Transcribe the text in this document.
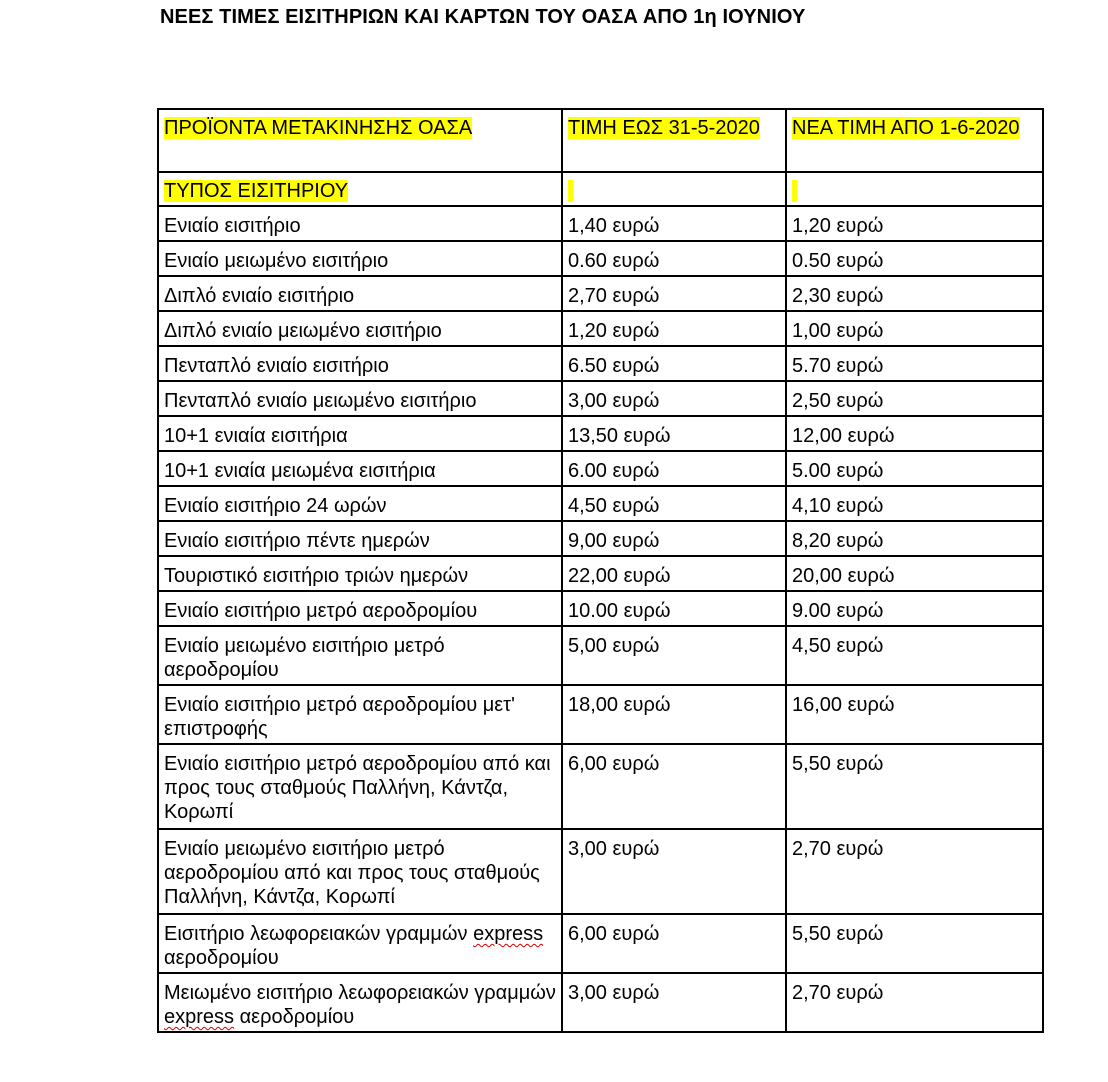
ΝΕΕΣ ΤΙΜΕΣ ΕΙΣΙΤΗΡΙΩΝ ΚΑΙ ΚΑΡΤΩΝ ΤΟΥ ΟΑΣΑ ΑΠΟ 1η ΙΟΥΝΙΟΥ
ΠΡΟΪΟΝΤΑ ΜΕΤΑΚΙΝΗΣΗΣ ΟΑΣΑ	ΤΙΜΗ ΕΩΣ 31-5-2020	ΝΕΑ ΤΙΜΗ ΑΠΟ 1-6-2020
ΤΥΠΟΣ ΕΙΣΙΤΗΡΙΟΥ		
Ενιαίο εισιτήριο	1,40 ευρώ	1,20 ευρώ
Ενιαίο μειωμένο εισιτήριο	0.60 ευρώ	0.50 ευρώ
Διπλό ενιαίο εισιτήριο	2,70 ευρώ	2,30 ευρώ
Διπλό ενιαίο μειωμένο εισιτήριο	1,20 ευρώ	1,00 ευρώ
Πενταπλό ενιαίο εισιτήριο	6.50 ευρώ	5.70 ευρώ
Πενταπλό ενιαίο μειωμένο εισιτήριο	3,00 ευρώ	2,50 ευρώ
10+1 ενιαία εισιτήρια	13,50 ευρώ	12,00 ευρώ
10+1 ενιαία μειωμένα εισιτήρια	6.00 ευρώ	5.00 ευρώ
Ενιαίο εισιτήριο 24 ωρών	4,50 ευρώ	4,10 ευρώ
Ενιαίο εισιτήριο πέντε ημερών	9,00 ευρώ	8,20 ευρώ
Τουριστικό εισιτήριο τριών ημερών	22,00 ευρώ	20,00 ευρώ
Ενιαίο εισιτήριο μετρό αεροδρομίου	10.00 ευρώ	9.00 ευρώ
Ενιαίο μειωμένο εισιτήριο μετρό αεροδρομίου	5,00 ευρώ	4,50 ευρώ
Ενιαίο εισιτήριο μετρό αεροδρομίου μετ' επιστροφής	18,00 ευρώ	16,00 ευρώ
Ενιαίο εισιτήριο μετρό αεροδρομίου από και προς τους σταθμούς Παλλήνη, Κάντζα, Κορωπί	6,00 ευρώ	5,50 ευρώ
Ενιαίο μειωμένο εισιτήριο μετρό αεροδρομίου από και προς τους σταθμούς Παλλήνη, Κάντζα, Κορωπί	3,00 ευρώ	2,70 ευρώ
Εισιτήριο λεωφορειακών γραμμών express αεροδρομίου	6,00 ευρώ	5,50 ευρώ
Μειωμένο εισιτήριο λεωφορειακών γραμμών express αεροδρομίου	3,00 ευρώ	2,70 ευρώ
